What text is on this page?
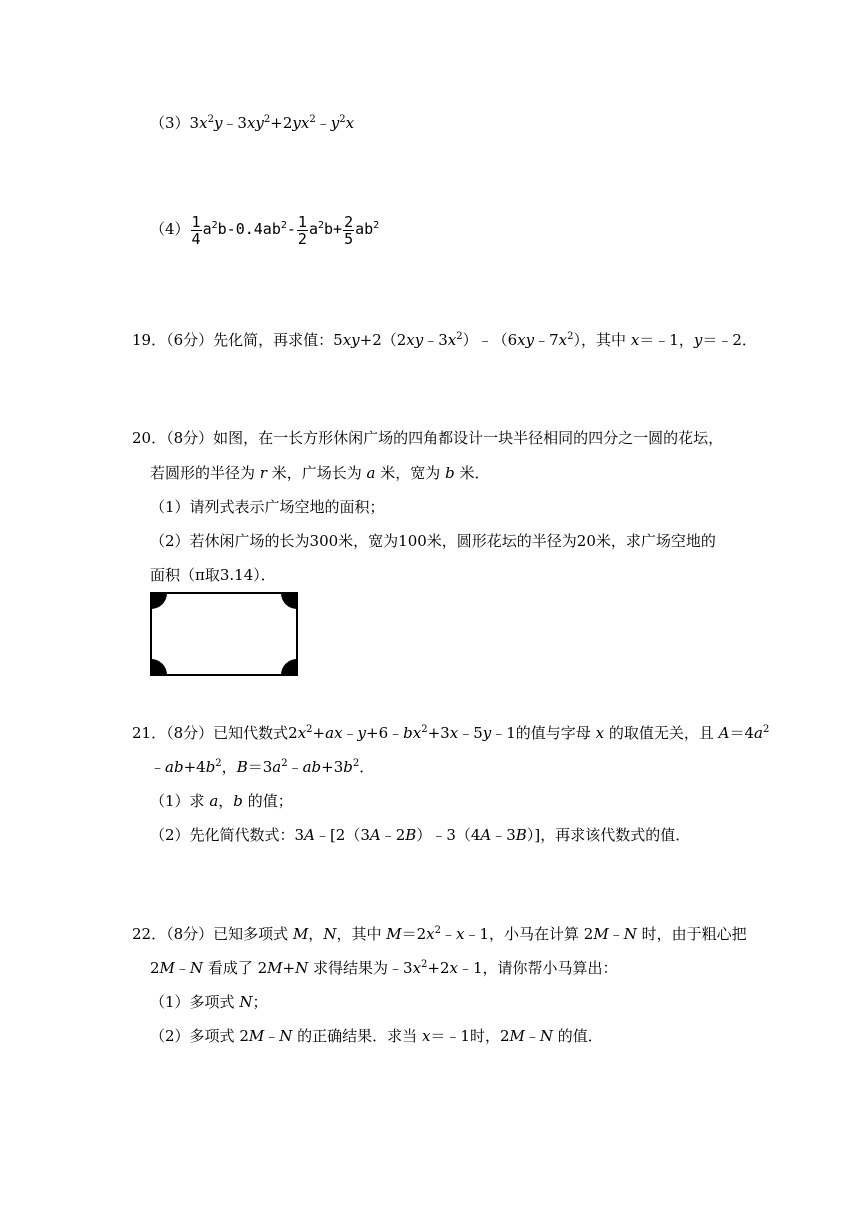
$(3)3x^2y﹣3xy^2+2yx^2﹣y^2x$
$(4) \frac{1}{4} a^2b-0.4ab^2- \frac{1}{2} a^2b+ \frac{2}{5} ab^2$
19．（6分）先化简，再求值：$5xy+2(2xy﹣3x^2)﹣(6xy﹣7x^2)$，其中 x＝﹣1，y＝﹣2．
20．（8分）如图，在一长方形休闲广场的四角都设计一块半径相同的四分之一圆的花坛，
若圆形的半径为 r 米，广场长为 a 米，宽为 b 米．
（1）请列式表示广场空地的面积；
（2）若休闲广场的长为300米，宽为100米，圆形花坛的半径为20米，求广场空地的
面积（π取3.14）．
21．（8分）已知代数式$2x^2+ax﹣y+6﹣bx^2+3x﹣5y﹣1$的值与字母 x 的取值无关，且 $A=4a^2$
$﹣ab+4b^2$，$B=3a^2﹣ab+3b^2$．
（1）求 a，b 的值；
（2）先化简代数式：3A﹣[2（3A﹣2B）﹣3（4A﹣3B）]，再求该代数式的值．
22．（8分）已知多项式 M，N，其中 $M=2x^2﹣x﹣1$，小马在计算 2M﹣N 时，由于粗心把
2M﹣N 看成了 2M+N 求得结果为$﹣3x^2+2x﹣1$，请你帮小马算出：
（1）多项式 N；
（2）多项式 2M﹣N 的正确结果．求当 x＝﹣1时，2M﹣N 的值．
